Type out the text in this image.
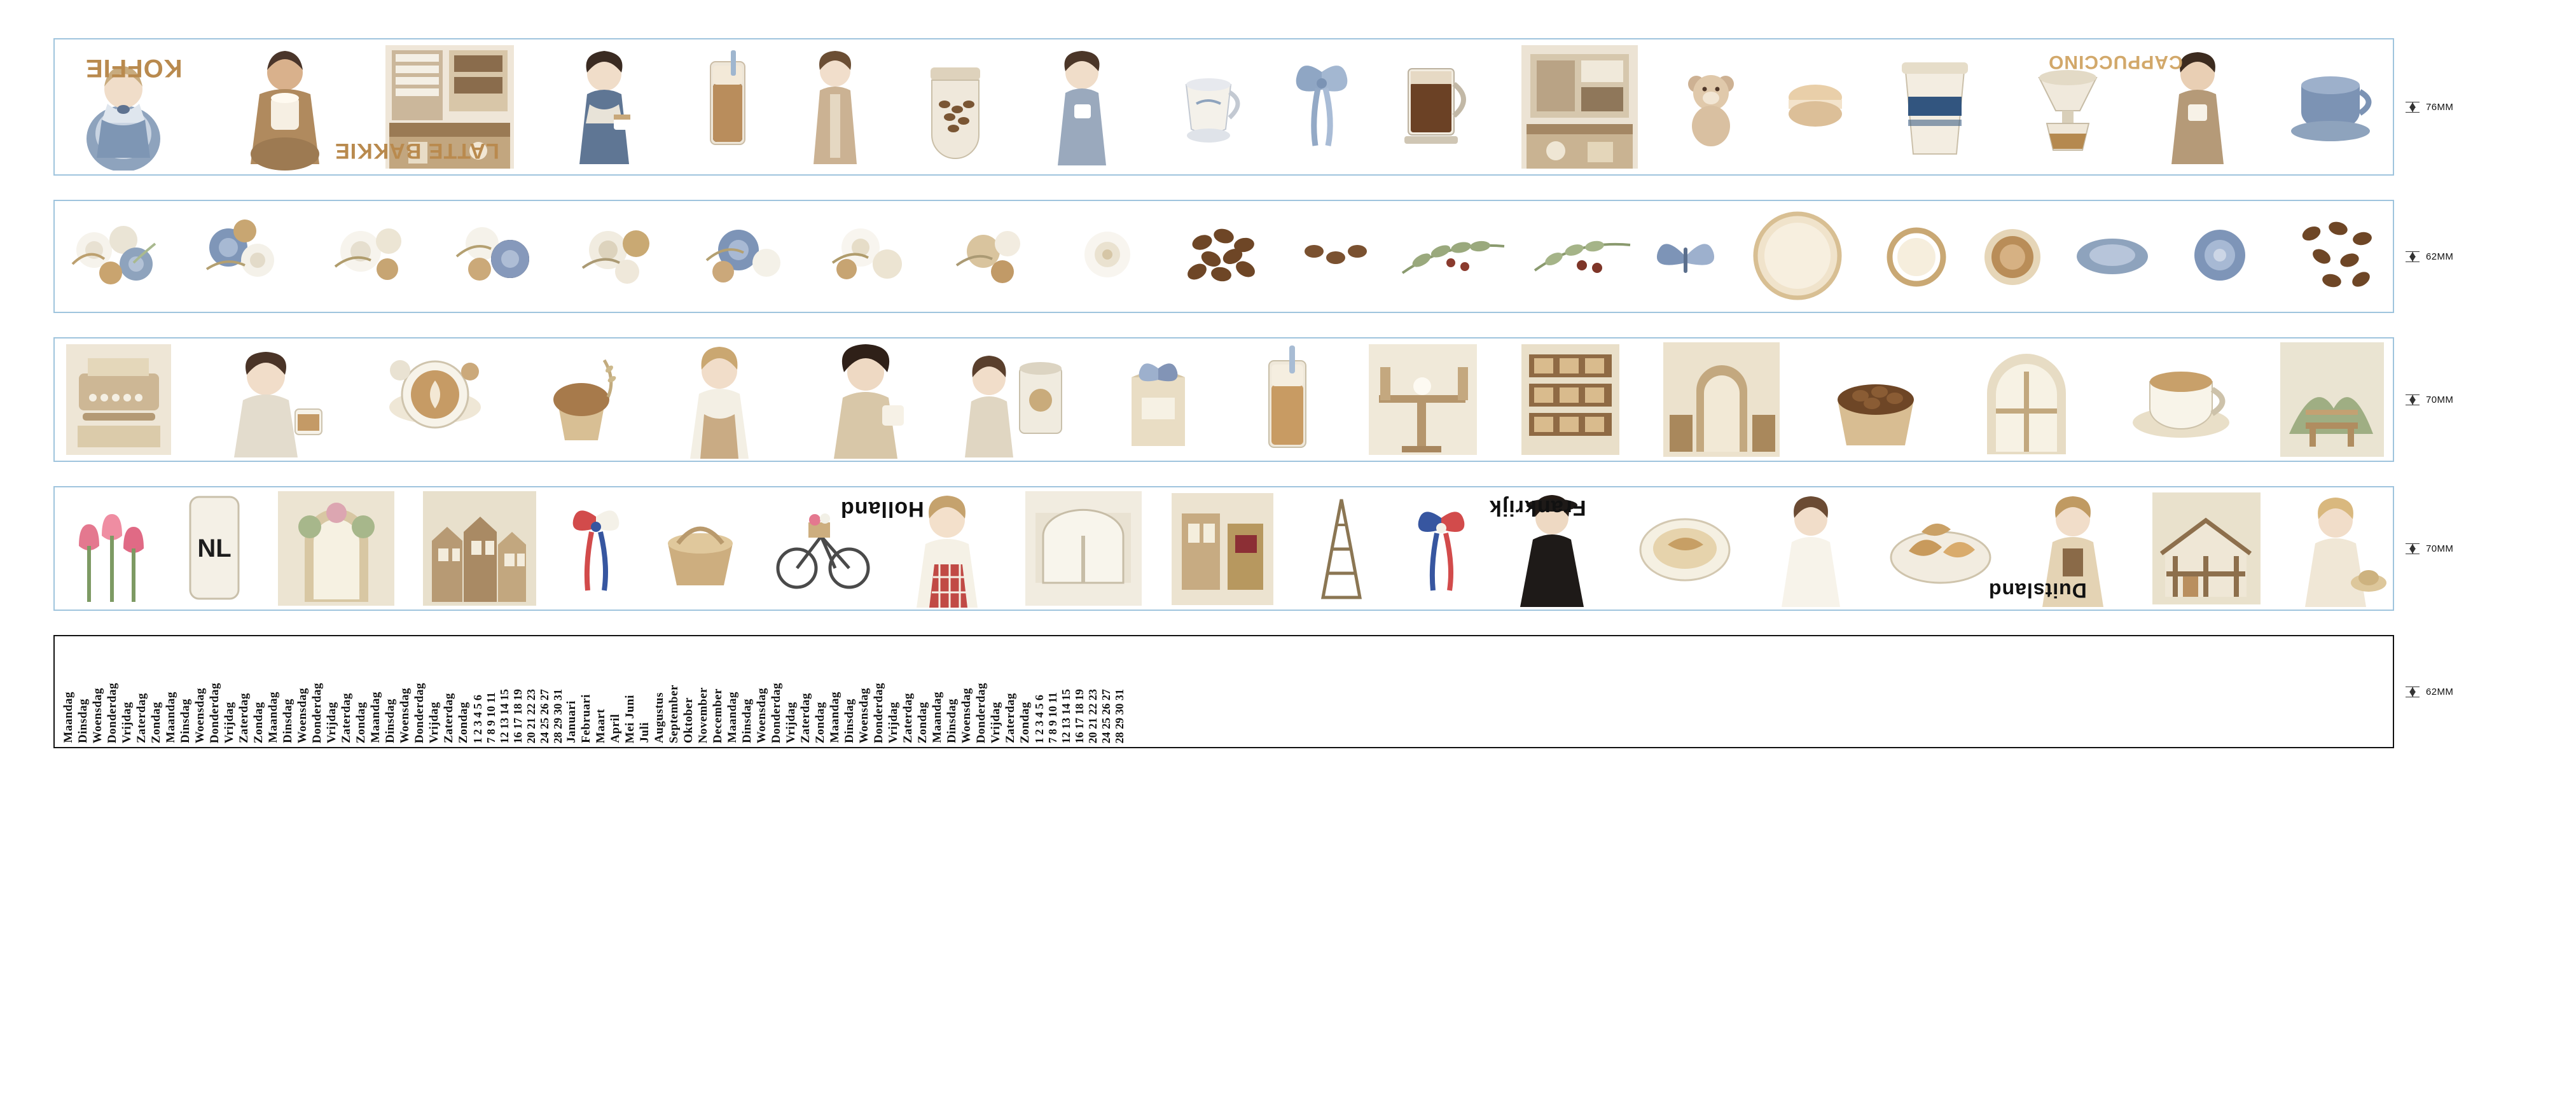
KOFFIE
LATTE BAKKIE
CAPPUCCINO
76MM
62MM
70MM
NL
Holland	Frankrijk
Duitsland
70MM
Maandag Dinsdag Woensdag Donderdag Vrijdag Zaterdag Zondag Maandag Dinsdag Woensdag Donderdag Vrijdag Zaterdag Zondag Maandag Dinsdag Woensdag Donderdag Vrijdag Zaterdag Zondag Maandag Dinsdag Woensdag Donderdag Vrijdag Zaterdag Zondag 1 2 3 4 5 6 7 8 9 10 11 12 13 14 15 16 17 18 19 20 21 22 23 24 25 26 27 28 29 30 31 Januari Februari Maart April Mei Juni Juli Augustus September Oktober November December Maandag Dinsdag Woensdag Donderdag Vrijdag Zaterdag Zondag Maandag Dinsdag Woensdag Donderdag Vrijdag Zaterdag Zondag Maandag Dinsdag Woensdag Donderdag Vrijdag Zaterdag Zondag 1 2 3 4 5 6 7 8 9 10 11 12 13 14 15 16 17 18 19 20 21 22 23 24 25 26 27 28 29 30 31	62MM
